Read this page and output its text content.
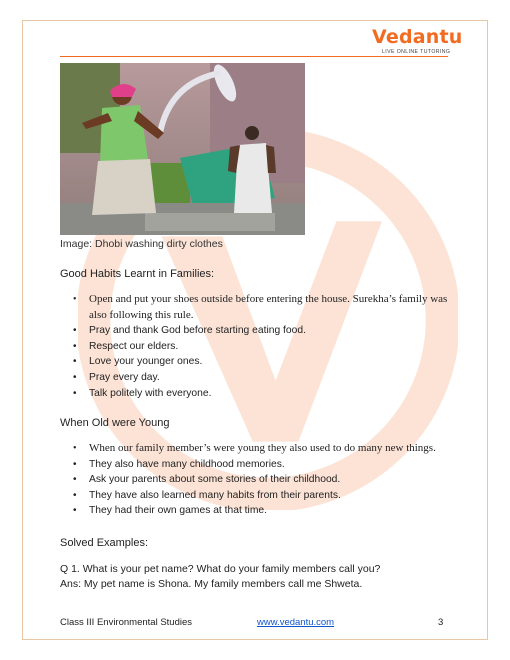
Vedantu
LIVE ONLINE TUTORING
Image: Dhobi washing dirty clothes
Good Habits Learnt in Families:
• Open and put your shoes outside before entering the house. Surekha’s family was also following this rule.
• Pray and thank God before starting eating food.
• Respect our elders.
• Love your younger ones.
• Pray every day.
• Talk politely with everyone.
When Old were Young
• When our family member’s were young they also used to do many new things.
• They also have many childhood memories.
• Ask your parents about some stories of their childhood.
• They have also learned many habits from their parents.
• They had their own games at that time.
Solved Examples:
Q 1. What is your pet name? What do your family members call you?
Ans: My pet name is Shona. My family members call me Shweta.
Class III Environmental Studies	www.vedantu.com	3
